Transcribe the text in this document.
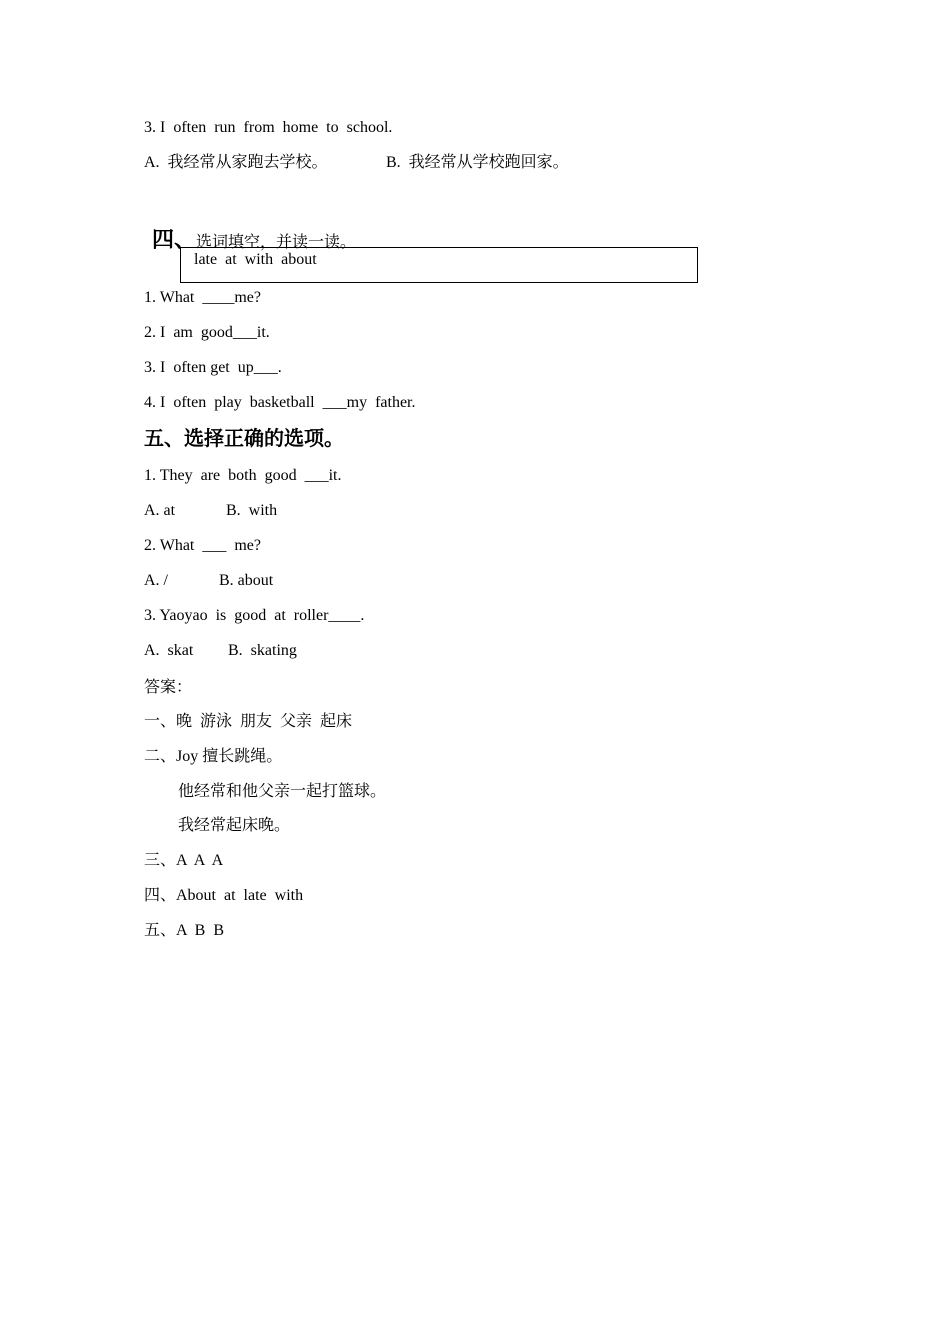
3. I  often  run  from  home  to  school.
A.  我经常从家跑去学校。	B.  我经常从学校跑回家。

四、选词填空，并读一读。

late  at  with  about
1. What  ____me?
2. I  am  good___it.
3. I  often get  up___.
4. I  often  play  basketball  ___my  father.
五、选择正确的选项。
1. They  are  both  good  ___it.
A. at	B.  with
2. What  ___  me?
A. /	B. about
3. Yaoyao  is  good  at  roller____.
A.  skat B.  skating
答案：
一、晚  游泳  朋友  父亲  起床
二、Joy 擅长跳绳。
他经常和他父亲一起打篮球。
我经常起床晚。
三、A  A  A
四、About  at  late  with
五、A  B  B
